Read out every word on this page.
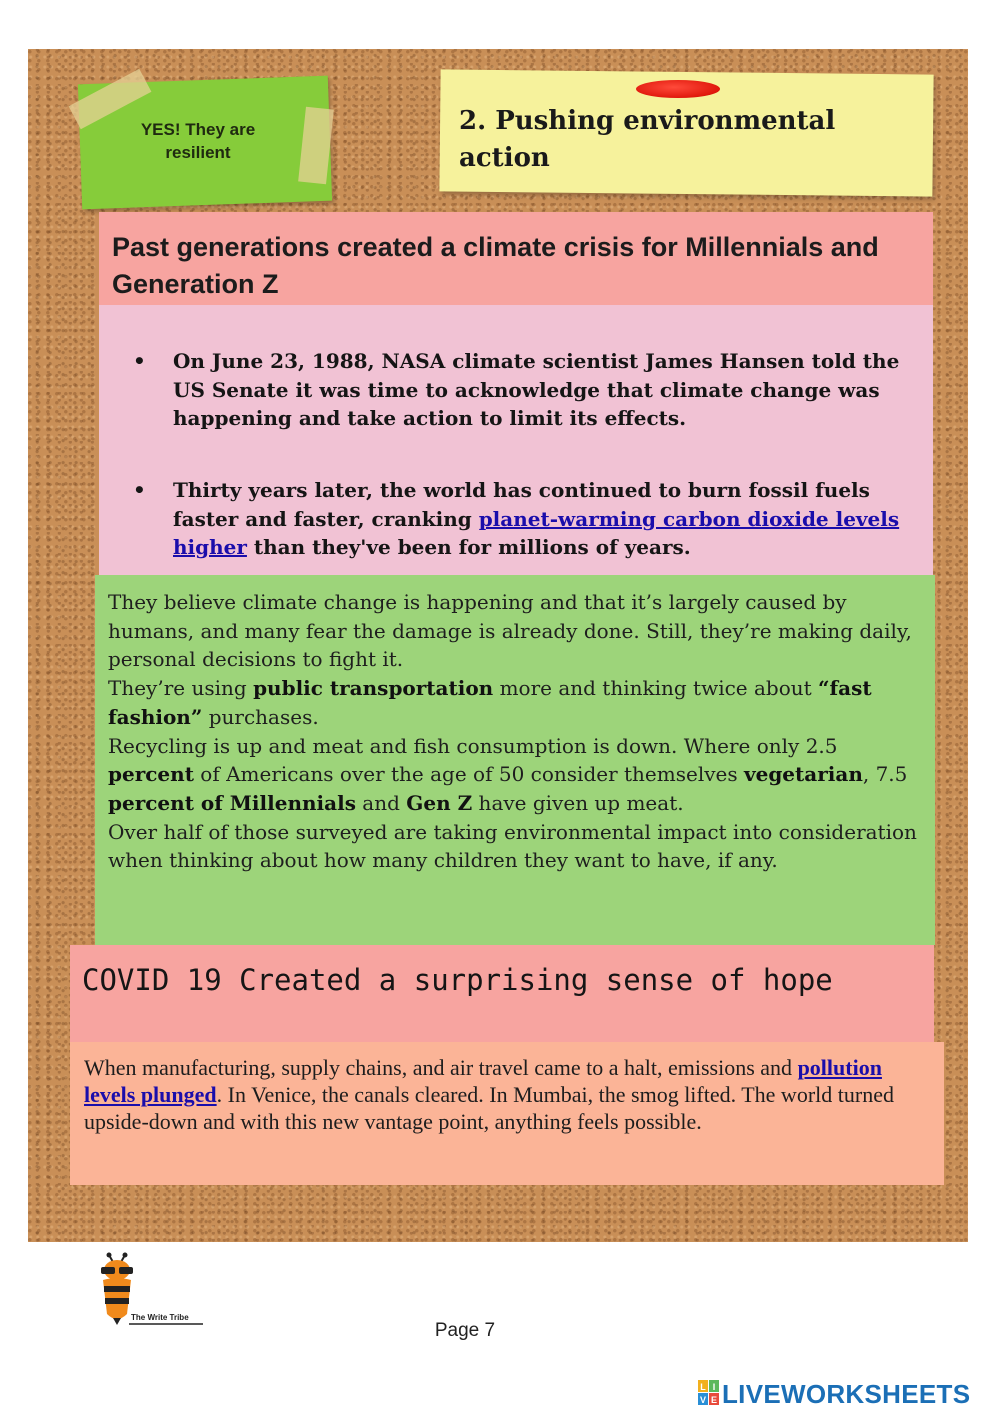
YES! They are resilient
2. Pushing environmental action
Past generations created a climate crisis for Millennials and Generation Z
• On June 23, 1988, NASA climate scientist James Hansen told the US Senate it was time to acknowledge that climate change was happening and take action to limit its effects.
• Thirty years later, the world has continued to burn fossil fuels faster and faster, cranking planet-warming carbon dioxide levels higher than they've been for millions of years.

They believe climate change is happening and that it’s largely caused by humans, and many fear the damage is already done. Still, they’re making daily, personal decisions to fight it.
They’re using public transportation more and thinking twice about “fast fashion” purchases.
Recycling is up and meat and fish consumption is down. Where only 2.5 percent of Americans over the age of 50 consider themselves vegetarian, 7.5 percent of Millennials and Gen Z have given up meat.
Over half of those surveyed are taking environmental impact into consideration when thinking about how many children they want to have, if any.

COVID 19 Created a surprising sense of hope

When manufacturing, supply chains, and air travel came to a halt, emissions and pollution levels plunged. In Venice, the canals cleared. In Mumbai, the smog lifted. The world turned upside-down and with this new vantage point, anything feels possible.

The Write Tribe
Page 7
L I
V E LIVEWORKSHEETS
